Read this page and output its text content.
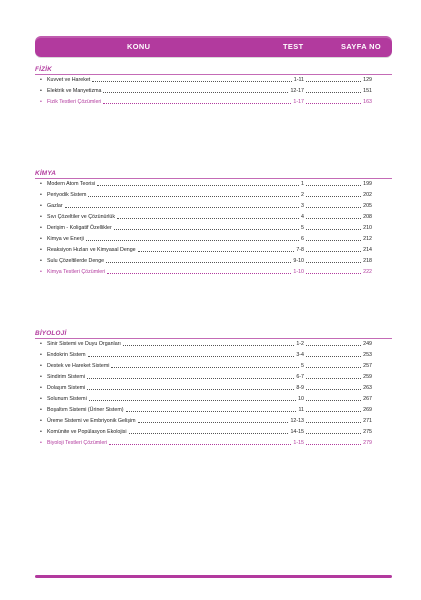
KONU	TEST	SAYFA NO
FİZİK
• Kuvvet ve Hareket	1-11	129
• Elektrik ve Manyetizma	12-17	151
• Fizik Testleri Çözümleri	1-17	163
KİMYA
• Modern Atom Teorisi	1	199
• Periyodik Sistem	2	202
• Gazlar	3	205
• Sıvı Çözeltiler ve Çözünürlük	4	208
• Derişim - Koligatif Özellikler	5	210
• Kimya ve Enerji	6	212
• Reaksiyon Hızları ve Kimyasal Denge	7-8	214
• Sulu Çözeltilerde Denge	9-10	218
• Kimya Testleri Çözümleri	1-10	222
BİYOLOJİ
• Sinir Sistemi ve Duyu Organları	1-2	249
• Endokrin Sistem	3-4	253
• Destek ve Hareket Sistemi	5	257
• Sindirim Sistemi	6-7	259
• Dolaşım Sistemi	8-9	263
• Solunum Sistemi	10	267
• Boşaltım Sistemi (Üriner Sistem)	11	269
• Üreme Sistemi ve Embriyonik Gelişim	12-13	271
• Komünite ve Popülasyon Ekolojisi	14-15	275
• Biyoloji Testleri Çözümleri	1-15	279
